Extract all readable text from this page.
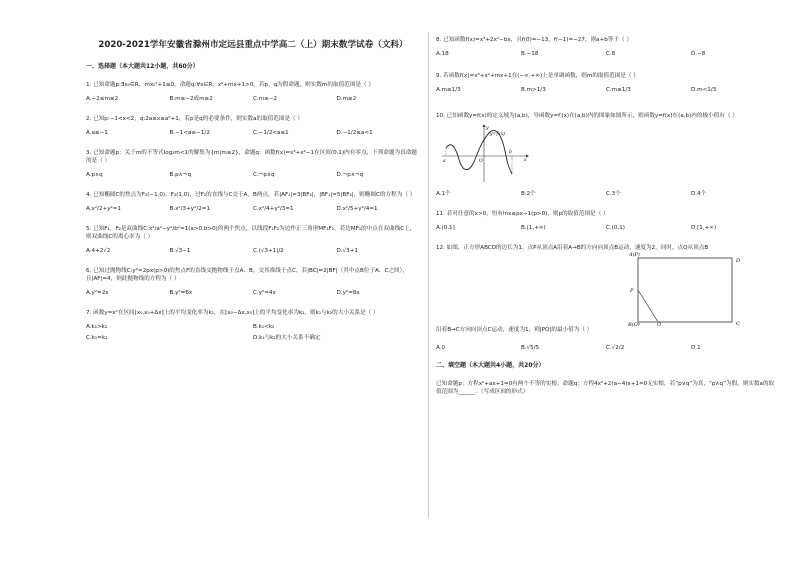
2020-2021学年安徽省滁州市定远县重点中学高二（上）期末数学试卷（文科）
一、选择题（本大题共12小题，共60分）
1. 已知命题p:∃x₀∈R，mx₀²+1≤0，命题q:∀x∈R，x²+mx+1>0，若p、q为假命题，则实数m的取值范围是（ ）
A.−2≤m≤2	B.m≤−2或m≥2	C.m≤−2	D.m≥2
2. 已知p:−1<x<2，q:2a≤x≤a²+1，若p是q的必要条件，则实数a的取值范围是（ ）
A.a≤−1	B.−1<a≤−1/2	C.−1/2<a≤1	D.−1/2≤a<1
3. 已知命题p：关于m的不等式log₂m<1的解集为{m|m≥2}，命题q：函数f(x)=x³+x²−1在区间(0,1)内有零点，下列命题为真命题的是（ ）
A.p∧q	B.p∧¬q	C.¬p∧q	D.¬p∧¬q
4. 已知椭圆C的焦点为F₁(−1,0)，F₂(1,0)，过F₂的直线与C交于A，B两点，若|AF₂|=3|BF₂|，|BF₁|=5|BF₂|，则椭圆C的方程为（ ）
A.x²/2+y²=1	B.x²/3+y²/2=1	C.x²/4+y²/3=1	D.x²/5+y²/4=1
5. 已知F₁，F₂是双曲线C:x²/a²−y²/b²=1(a>0,b>0)的两个焦点，以线段F₁F₂为边作正三角形MF₁F₂，若边MF₁的中点在双曲线C上，则双曲线C的离心率为（ ）
A.4+2√2	B.√3−1	C.(√3+1)/2	D.√3+1
6. 已知过抛物线C:y²=2px(p>0)的焦点F的直线交抛物线于点A、B，交其准线于点C，若|BC|=2|BF|（其中点B位于A、C之间），且|AF|=4，则此抛物线的方程为（ ）
A.y²=2x	B.y²=6x	C.y²=4x	D.y²=8x
7. 函数y=x²在区间[x₀,x₀+Δx]上的平均变化率为k₁，在[x₀−Δx,x₀]上的平均变化率为k₂，则k₁与k₂的大小关系是（ ）
A.k₁>k₂	B.k₁<k₂
C.k₁=k₂	D.k₁与k₂的大小关系不确定
8. 已知函数f(x)=x³+2x²−bx，且f(0)=−13，f(−1)=−27，则a+b等于（ ）
A.18	B.−18	C.8	D.−8
9. 若函数f(x)=x³+x²+mx+1在(−∞,+∞)上是单调函数，则m的取值范围是（ ）
A.m≥1/3	B.m>1/3	C.m≤1/3	D.m<1/3
10. 已知函数y=f(x)的定义域为(a,b)，导函数y=f′(x)在(a,b)内的图象如图所示，则函数y=f(x)在(a,b)内的极小值有（ ）
y=f′(x)
x
y
a
b
O
A.1个	B.2个	C.3个	D.4个
11. 若对任意的x>0，恒有lnx≤px−1(p>0)，则p的取值范围是（ ）
A.(0,1]	B.(1,+∞)	C.(0,1)	D.[1,+∞)
12. 如图，正方形ABCD的边长为1，点P从顶点A沿着A→B的方向向顶点B运动，速度为2，同时，点Q从顶点B
A(P)
D
P
B(Q)	Q	C
沿着B→C方向向顶点C运动，速度为1，则|PQ|的最小值为（ ）
A.0	B.√5/5	C.√2/2	D.1
二、填空题（本大题共4小题，共20分）
已知命题p：方程x²+ax+1=0有两个不等的实根；命题q：方程4x²+2(a−4)x+1=0无实根，若“p∨q”为真，“p∧q”为假，则实数a的取值范围为______．（写成区间的形式）
